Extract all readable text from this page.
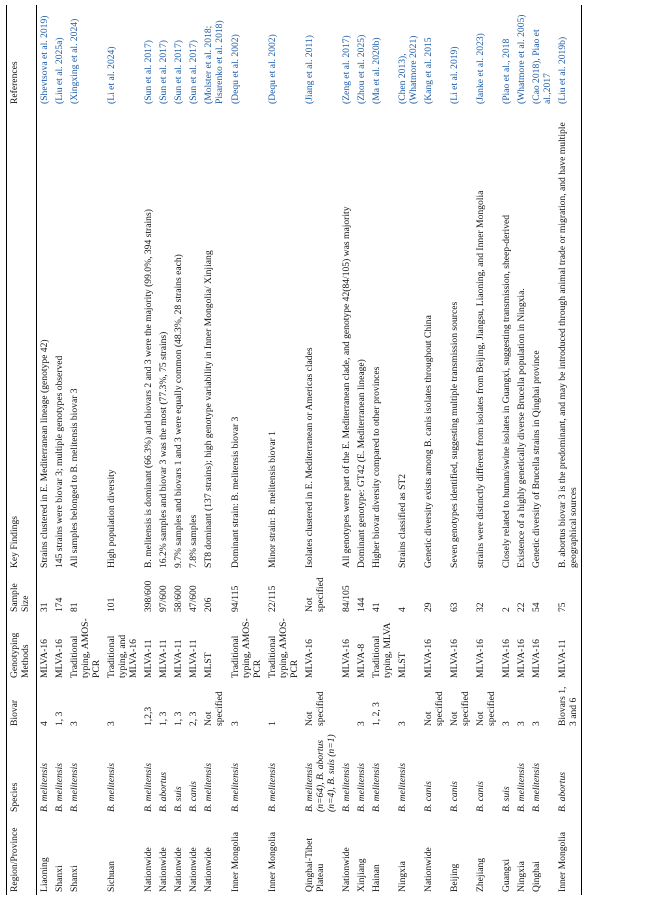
Region/Province	Species	Biovar	Genotyping Methods	Sample Size	Key Findings	References
Liaoning	B. melitensis	4	MLVA-16	31	Strains clustered in E. Mediterranean lineage (genotype 42)	(Shevtsova et al. 2019)
Shanxi	B. melitensis	1, 3	MLVA-16	174	145 strains were biovar 3; multiple genotypes observed	(Liu et al. 2025a)
Shanxi	B. melitensis	3	Traditional typing, AMOS-PCR	81	All samples belonged to B. melitensis biovar 3	(Xingxing et al. 2024)
Sichuan	B. melitensis	3	Traditional typing, and MLVA-16	101	High population diversity	(Li et al. 2024)
Nationwide	B. melitensis	1,2,3	MLVA-11	398/600	B. melitensis is dominant (66.3%) and biovars 2 and 3 were the majority (99.0%, 394 strains)	(Sun et al. 2017)
Nationwide	B. abortus	1, 3	MLVA-11	97/600	16.2% samples and biovar 3 was the most (77.3%, 75 strains)	(Sun et al. 2017)
Nationwide	B. suis	1, 3	MLVA-11	58/600	9.7% samples and biovars 1 and 3 were equally common (48.3%, 28 strains each)	(Sun et al. 2017)
Nationwide	B. canis	2, 3	MLVA-11	47/600	7.8% samples	(Sun et al. 2017)
Nationwide	B. melitensis	Not specified	MLST	206	ST8 dominant (137 strains); high genotype variability in Inner Mongolia/ Xinjiang	(Molster et al. 2018; Pisarenko et al. 2018)
Inner Mongolia	B. melitensis	3	Traditional typing, AMOS-PCR	94/115	Dominant strain: B. melitensis biovar 3	(Dequ et al. 2002)
Inner Mongolia	B. melitensis	1	Traditional typing, AMOS-PCR	22/115	Minor strain: B. melitensis biovar 1	(Dequ et al. 2002)
Qinghai-Tibet Plateau	B. melitensis (n=64), B. abortus (n=4), B. suis (n=1)	Not specified	MLVA-16	Not specified	Isolates clustered in E. Mediterranean or Americas clades	(Jiang et al. 2011)
Nationwide	B. melitensis		MLVA-16	84/105	All genotypes were part of the E. Mediterranean clade, and genotype 42(84/105) was majority	(Zeng et al. 2017)
Xinjiang	B. melitensis	3	MLVA-8	144	Dominant genotype: GT42 (E. Mediterranean lineage)	(Zhou et al. 2025)
Hainan	B. melitensis	1, 2, 3	Traditional typing, MLVA	41	Higher biovar diversity compared to other provinces	(Ma et al. 2020b)
Ningxia	B. melitensis	3	MLST	4	Strains classified as ST2	(Chen 2013), (Whatmore 2021)
Nationwide	B. canis	Not specified	MLVA-16	29	Genetic diversity exists among B. canis isolates throughout China	(Kang et al. 2015
Beijing	B. canis	Not specified	MLVA-16	63	Seven genotypes identified, suggesting multiple transmission sources	(Li et al. 2019)
Zhejiang	B. canis	Not specified	MLVA-16	32	strains were distinctly different from isolates from Beijing, Jiangsu, Liaoning, and Inner Mongolia	(Janke et al. 2023)
Guangxi	B. suis	3	MLVA-16	2	Closely related to human/swine isolates in Guangxi, suggesting transmission, sheep-derived	(Piao et al., 2018
Ningxia	B. melitensis	3	MLVA-16	22	Existence of a highly genetically diverse Brucella population in Ningxia.	(Whatmore et al. 2005)
Qinghai	B. melitensis	3	MLVA-16	54	Genetic diversity of Brucella strains in Qinghai province	(Cao 2018), Piao et al.,2017
Inner Mongolia	B. abortus	Biovars 1, 3 and 6	MLVA-11	75	B. abortus biovar 3 is the predominant, and may be introduced through animal trade or migration, and have multiple geographical sources	(Liu et al. 2019b)
